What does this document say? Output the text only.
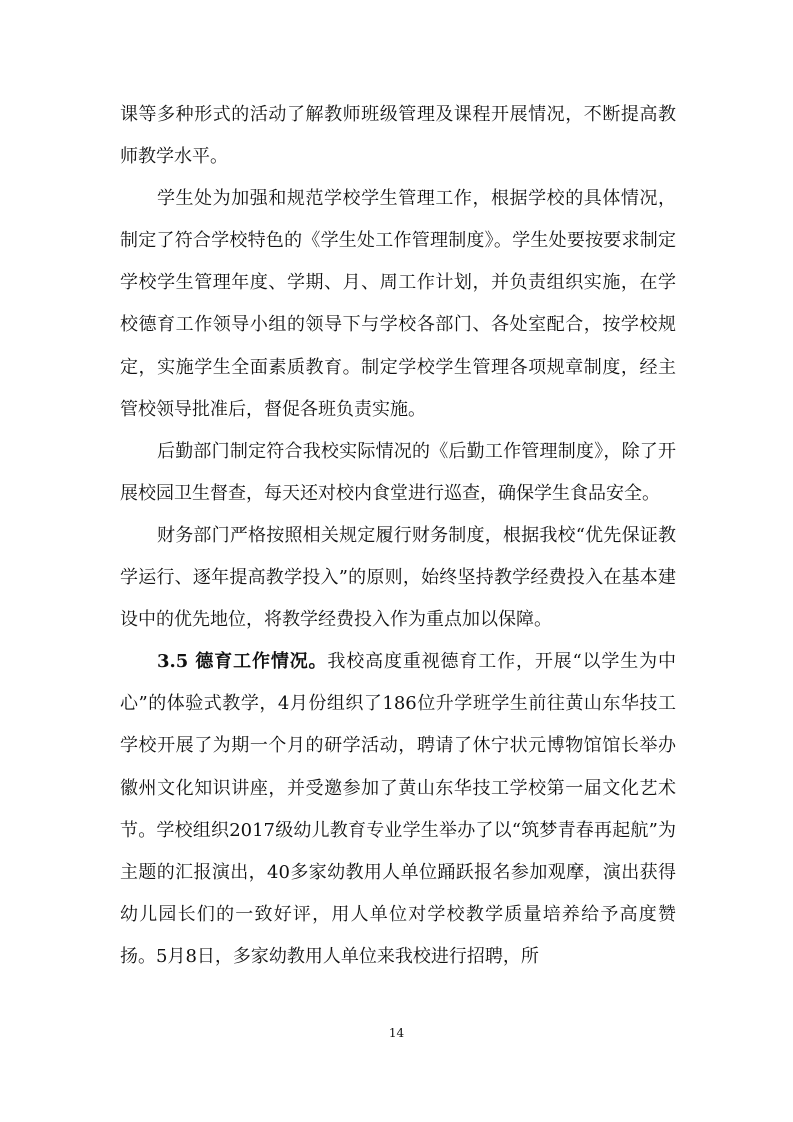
课等多种形式的活动了解教师班级管理及课程开展情况，不断提高教师教学水平。

学生处为加强和规范学校学生管理工作，根据学校的具体情况，制定了符合学校特色的《学生处工作管理制度》。学生处要按要求制定学校学生管理年度、学期、月、周工作计划，并负责组织实施，在学校德育工作领导小组的领导下与学校各部门、各处室配合，按学校规定，实施学生全面素质教育。制定学校学生管理各项规章制度，经主管校领导批准后，督促各班负责实施。

后勤部门制定符合我校实际情况的《后勤工作管理制度》，除了开展校园卫生督查，每天还对校内食堂进行巡查，确保学生食品安全。

财务部门严格按照相关规定履行财务制度，根据我校“优先保证教学运行、逐年提高教学投入”的原则，始终坚持教学经费投入在基本建设中的优先地位，将教学经费投入作为重点加以保障。

3.5 德育工作情况。我校高度重视德育工作，开展“以学生为中心”的体验式教学，4月份组织了186位升学班学生前往黄山东华技工学校开展了为期一个月的研学活动，聘请了休宁状元博物馆馆长举办徽州文化知识讲座，并受邀参加了黄山东华技工学校第一届文化艺术节。学校组织2017级幼儿教育专业学生举办了以“筑梦青春再起航”为主题的汇报演出，40多家幼教用人单位踊跃报名参加观摩，演出获得幼儿园长们的一致好评，用人单位对学校教学质量培养给予高度赞扬。5月8日，多家幼教用人单位来我校进行招聘，所

14
